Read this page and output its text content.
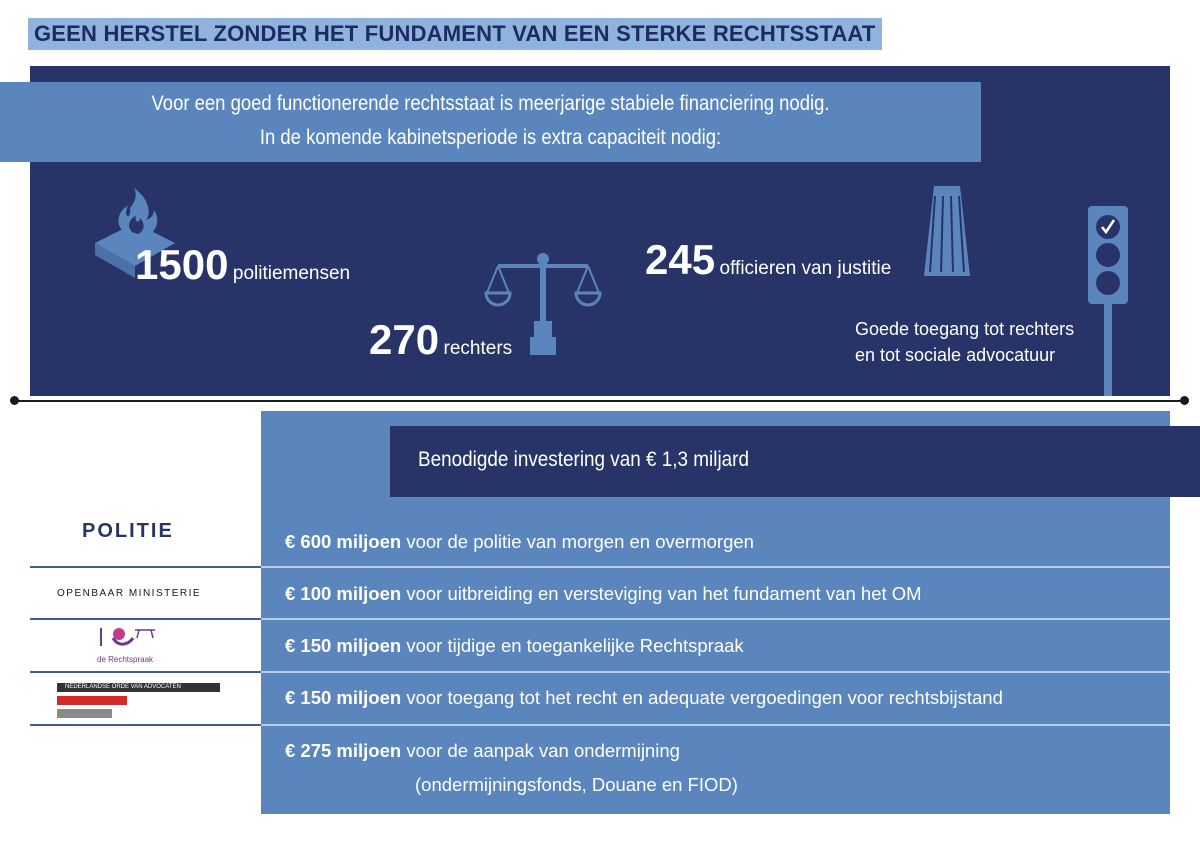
GEEN HERSTEL ZONDER HET FUNDAMENT VAN EEN STERKE RECHTSSTAAT
Voor een goed functionerende rechtsstaat is meerjarige stabiele financiering nodig.
In de komende kabinetsperiode is extra capaciteit nodig:
1500 politiemensen
270 rechters
245 officieren van justitie
Goede toegang tot rechters
en tot sociale advocatuur
Benodigde investering van € 1,3 miljard
POLITIE
OPENBAAR MINISTERIE
de Rechtspraak
NEDERLANDSE ORDE VAN ADVOCATEN
€ 600 miljoen voor de politie van morgen en overmorgen
€ 100 miljoen voor uitbreiding en versteviging van het fundament van het OM
€ 150 miljoen voor tijdige en toegankelijke Rechtspraak
€ 150 miljoen voor toegang tot het recht en adequate vergoedingen voor rechtsbijstand
€ 275 miljoen voor de aanpak van ondermijning
(ondermijningsfonds, Douane en FIOD)
